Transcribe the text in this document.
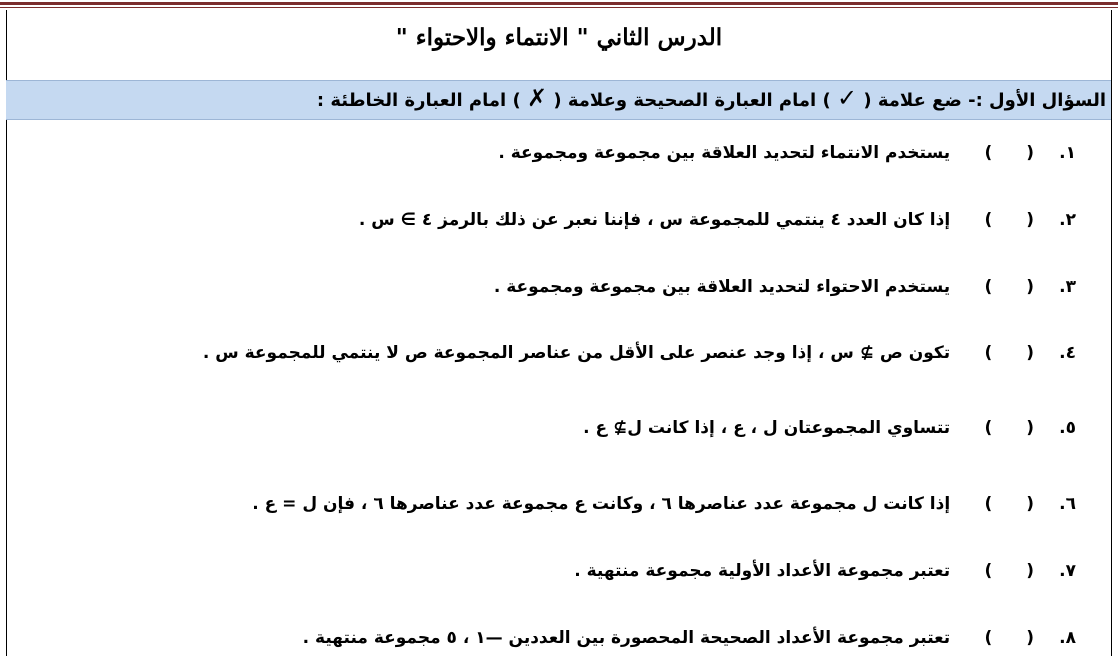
الدرس الثاني " الانتماء والاحتواء "
السؤال الأول :- ضع علامة ( ✓ ) امام العبارة الصحيحة وعلامة ( ✗ ) امام العبارة الخاطئة :
١. () يستخدم الانتماء لتحديد العلاقة بين مجموعة ومجموعة .
٢. () إذا كان العدد ٤ ينتمي للمجموعة س ، فإننا نعبر عن ذلك بالرمز ٤ ∋ س .
٣. () يستخدم الاحتواء لتحديد العلاقة بين مجموعة ومجموعة .
٤. () تكون ص ⊉ س ، إذا وجد عنصر على الأقل من عناصر المجموعة ص لا ينتمي للمجموعة س .
٥. () تتساوي المجموعتان ل ، ع ، إذا كانت ل⊉ ع .
٦. () إذا كانت ل مجموعة عدد عناصرها ٦ ، وكانت ع مجموعة عدد عناصرها ٦ ، فإن ل = ع .
٧. () تعتبر مجموعة الأعداد الأولية مجموعة منتهية .
٨. () تعتبر مجموعة الأعداد الصحيحة المحصورة بين العددين —١ ، ٥ مجموعة منتهية .
